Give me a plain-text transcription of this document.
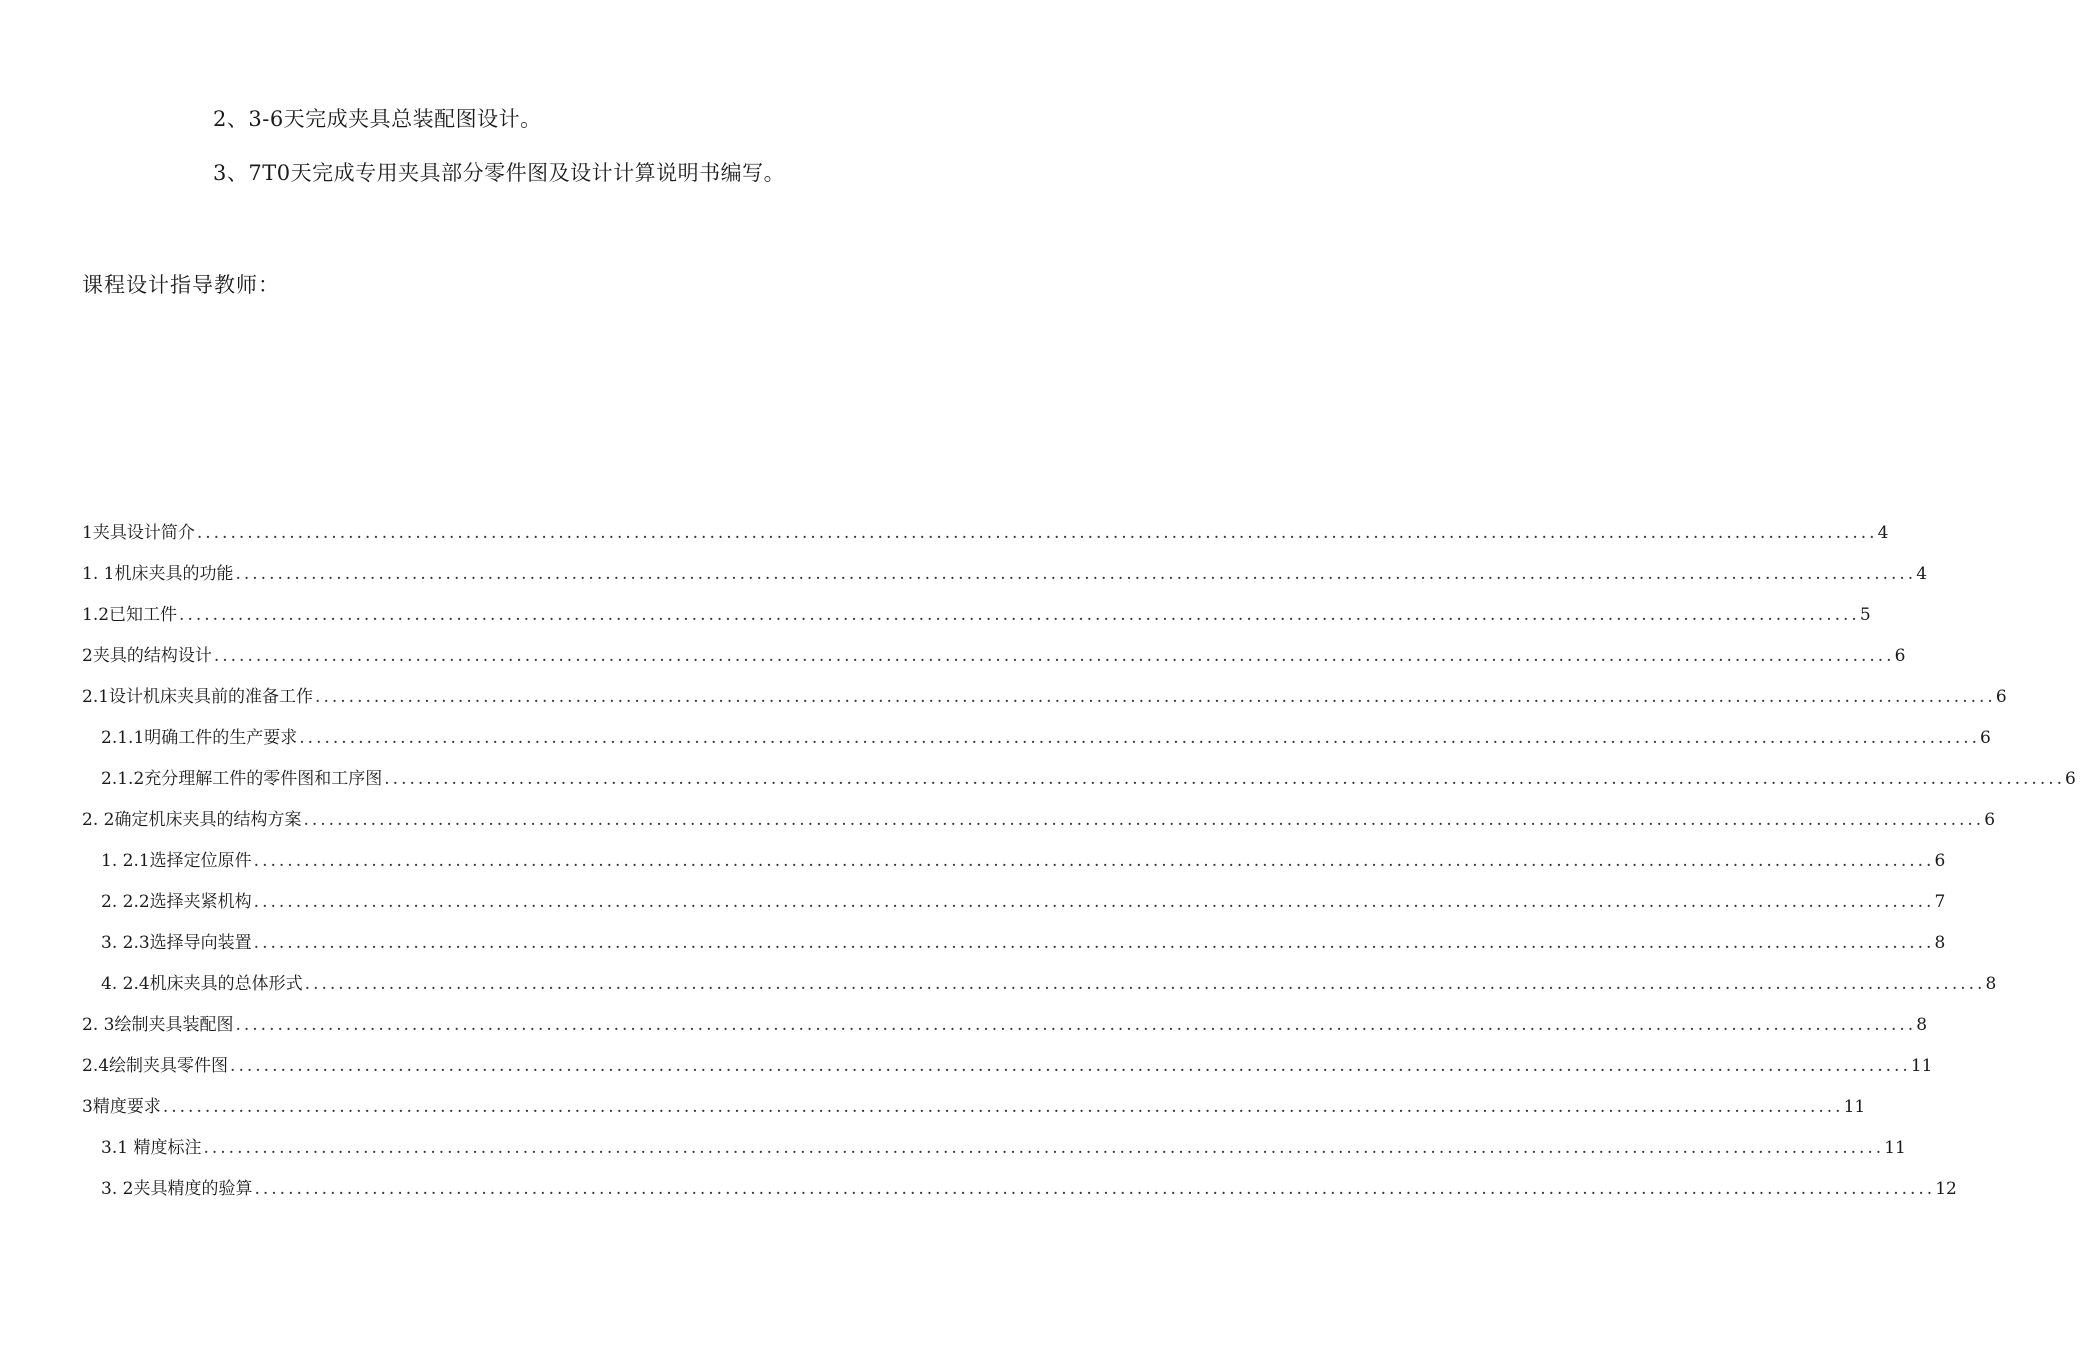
2、3-6天完成夹具总装配图设计。
3、7T0天完成专用夹具部分零件图及设计计算说明书编写。
课程设计指导教师：
1夹具设计简介 ........................................................................................................................................................................................................ 4
1. 1机床夹具的功能 ........................................................................................................................................................................................................ 4
1.2已知工件 ........................................................................................................................................................................................................ 5
2夹具的结构设计 ........................................................................................................................................................................................................ 6
2.1设计机床夹具前的准备工作 ........................................................................................................................................................................................................ 6
2.1.1明确工件的生产要求 ........................................................................................................................................................................................................ 6
2.1.2充分理解工件的零件图和工序图 ........................................................................................................................................................................................................ 6
2. 2确定机床夹具的结构方案 ........................................................................................................................................................................................................ 6
1. 2.1选择定位原件 ........................................................................................................................................................................................................ 6
2. 2.2选择夹紧机构 ........................................................................................................................................................................................................ 7
3. 2.3选择导向装置 ........................................................................................................................................................................................................ 8
4. 2.4机床夹具的总体形式 ........................................................................................................................................................................................................ 8
2. 3绘制夹具装配图 ........................................................................................................................................................................................................ 8
2.4绘制夹具零件图 ........................................................................................................................................................................................................ 11
3精度要求 ........................................................................................................................................................................................................ 11
3.1 精度标注 ........................................................................................................................................................................................................ 11
3. 2夹具精度的验算 ........................................................................................................................................................................................................ 12
